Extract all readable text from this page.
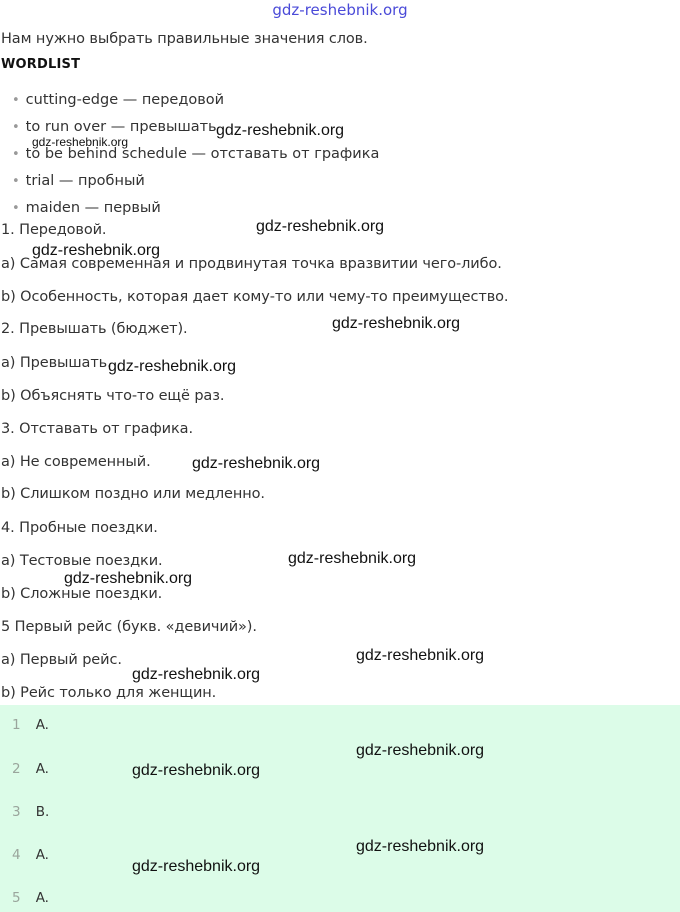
gdz-reshebnik.org
Нам нужно выбрать правильные значения слов.
WORDLIST
• cutting-edge — передовой
• to run over — превышать
• to be behind schedule — отставать от графика
• trial — пробный
• maiden — первый
1. Передовой.
a) Самая современная и продвинутая точка вразвитии чего-либо.
b) Особенность, которая дает кому-то или чему-то преимущество.
2. Превышать (бюджет).
a) Превышать.
b) Объяснять что-то ещё раз.
3. Отставать от графика.
a) Не современный.
b) Слишком поздно или медленно.
4. Пробные поездки.
a) Тестовые поездки.
b) Сложные поездки.
5 Первый рейс (букв. «девичий»).
a) Первый рейс.
b) Рейс только для женщин.
1 A.
2 A.
3 B.
4 A.
5 A.
gdz-reshebnik.org
gdz-reshebnik.org
gdz-reshebnik.org
gdz-reshebnik.org
gdz-reshebnik.org
gdz-reshebnik.org
gdz-reshebnik.org
gdz-reshebnik.org
gdz-reshebnik.org
gdz-reshebnik.org
gdz-reshebnik.org
gdz-reshebnik.org
gdz-reshebnik.org
gdz-reshebnik.org
gdz-reshebnik.org
